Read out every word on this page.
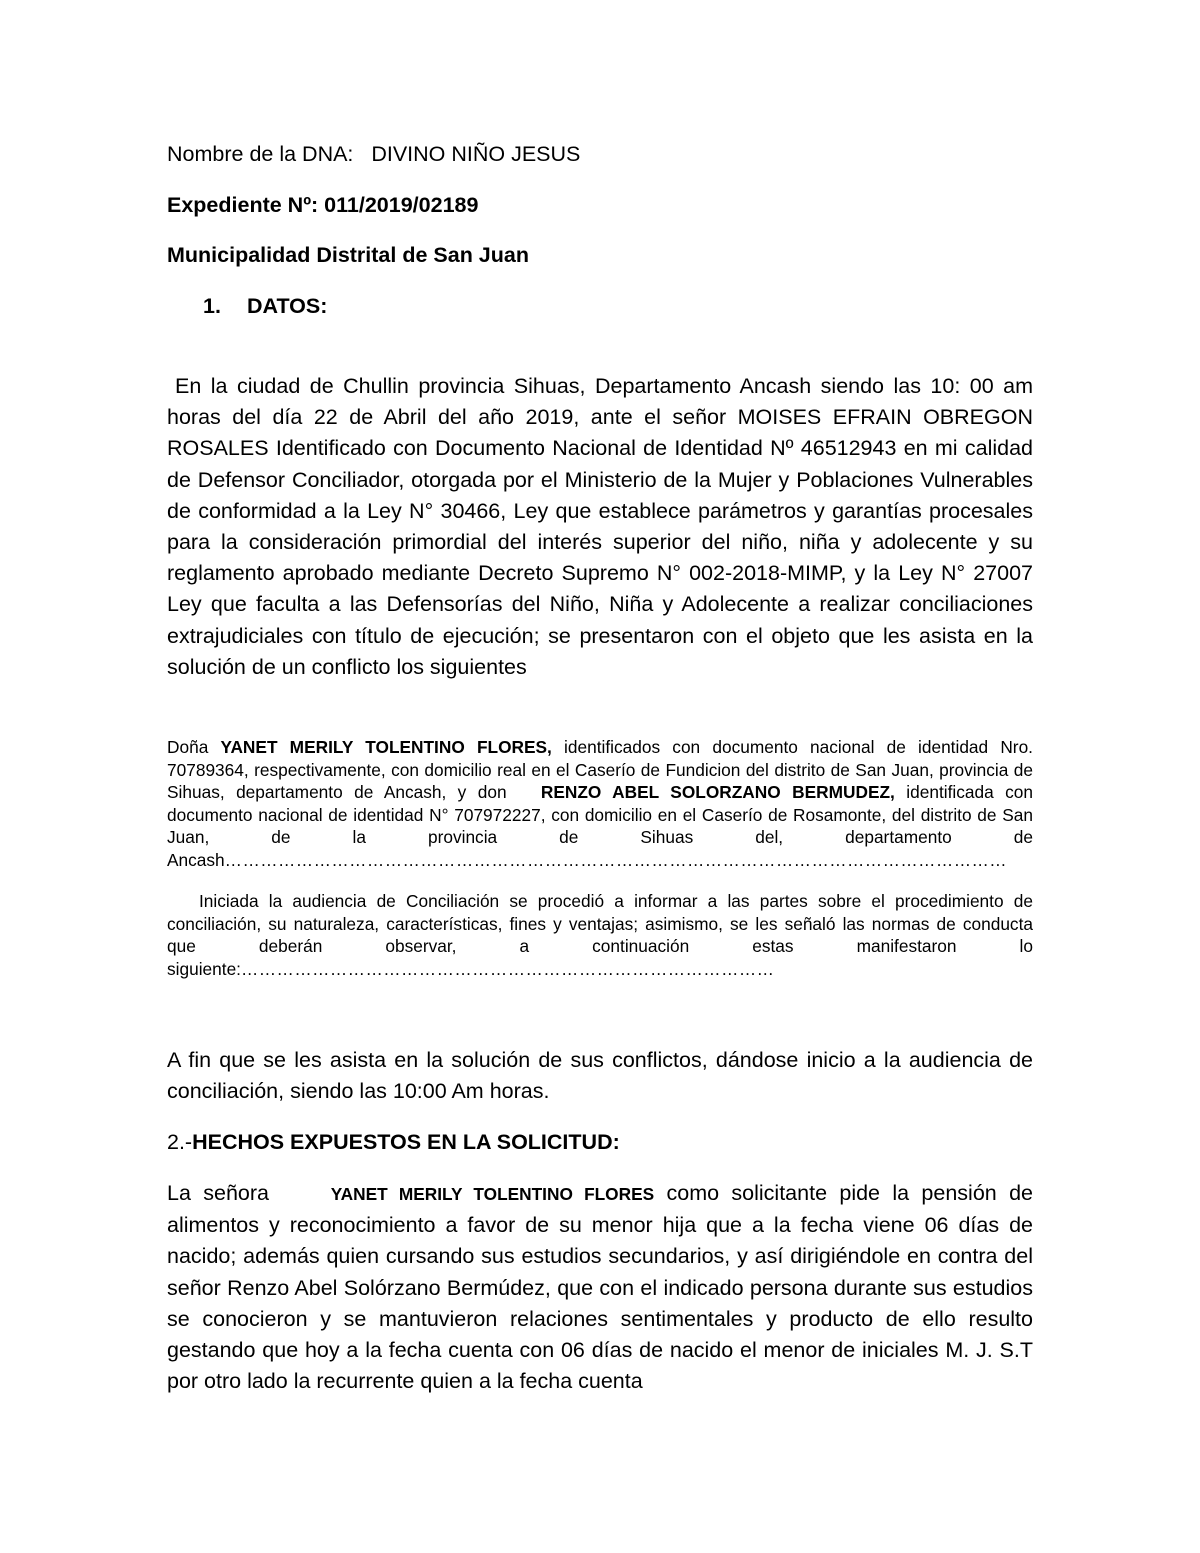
Nombre de la DNA: DIVINO NIÑO JESUS

Expediente Nº: 011/2019/02189

Municipalidad Distrital de San Juan

1. DATOS:

En la ciudad de Chullin provincia Sihuas, Departamento Ancash siendo las 10: 00 am horas del día 22 de Abril del año 2019, ante el señor MOISES EFRAIN OBREGON ROSALES Identificado con Documento Nacional de Identidad Nº 46512943 en mi calidad de Defensor Conciliador, otorgada por el Ministerio de la Mujer y Poblaciones Vulnerables de conformidad a la Ley N° 30466, Ley que establece parámetros y garantías procesales para la consideración primordial del interés superior del niño, niña y adolecente y su reglamento aprobado mediante Decreto Supremo N° 002-2018-MIMP, y la Ley N° 27007 Ley que faculta a las Defensorías del Niño, Niña y Adolecente a realizar conciliaciones extrajudiciales con título de ejecución; se presentaron con el objeto que les asista en la solución de un conflicto los siguientes

Doña YANET MERILY TOLENTINO FLORES, identificados con documento nacional de identidad Nro. 70789364, respectivamente, con domicilio real en el Caserío de Fundicion del distrito de San Juan, provincia de Sihuas, departamento de Ancash, y don RENZO ABEL SOLORZANO BERMUDEZ, identificada con documento nacional de identidad N° 707972227, con domicilio en el Caserío de Rosamonte, del distrito de San Juan, de la provincia de Sihuas del, departamento de Ancash……………………………………………………………………………………………………………………

Iniciada la audiencia de Conciliación se procedió a informar a las partes sobre el procedimiento de conciliación, su naturaleza, características, fines y ventajas; asimismo, se les señaló las normas de conducta que deberán observar, a continuación estas manifestaron lo siguiente:………………………………………………………………………………

A fin que se les asista en la solución de sus conflictos, dándose inicio a la audiencia de conciliación, siendo las 10:00 Am horas.

2.-HECHOS EXPUESTOS EN LA SOLICITUD:

La señora	YANET MERILY TOLENTINO FLORES como solicitante pide la pensión de alimentos y reconocimiento a favor de su menor hija que a la fecha viene 06 días de nacido; además quien cursando sus estudios secundarios, y así dirigiéndole en contra del señor Renzo Abel Solórzano Bermúdez, que con el indicado persona durante sus estudios se conocieron y se mantuvieron relaciones sentimentales y producto de ello resulto gestando que hoy a la fecha cuenta con 06 días de nacido el menor de iniciales M. J. S.T por otro lado la recurrente quien a la fecha cuenta
